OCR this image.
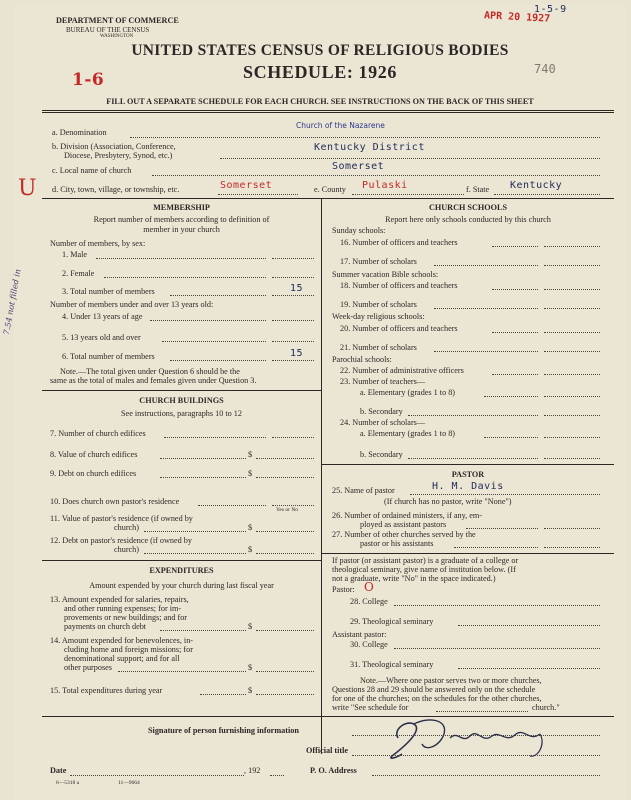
DEPARTMENT OF COMMERCE
BUREAU OF THE CENSUS
WASHINGTON
UNITED STATES CENSUS OF RELIGIOUS BODIES
SCHEDULE: 1926
1-6
740
APR 20 1927
1-5-9
FILL OUT A SEPARATE SCHEDULE FOR EACH CHURCH. SEE INSTRUCTIONS ON THE BACK OF THIS SHEET
a. Denomination
Church of the Nazarene
b. Division (Association, Conference,
Diocese, Presbytery, Synod, etc.)
Kentucky District
c. Local name of church	Somerset
U d. City, town, village, or township, etc.	Somerset	e. County Pulaski	f. State Kentucky
MEMBERSHIP
Report number of members according to definition of
member in your church
Number of members, by sex:
1. Male
2. Female
3. Total number of members	15
Number of members under and over 13 years old:
4. Under 13 years of age
5. 13 years old and over
6. Total number of members	15
Note.—The total given under Question 6 should be the
same as the total of males and females given under Question 3.
7.54 not filled in
CHURCH BUILDINGS
See instructions, paragraphs 10 to 12
7. Number of church edifices
8. Value of church edifices	$
9. Debt on church edifices	$
10. Does church own pastor's residence
Yes or No
11. Value of pastor's residence (if owned by
church)	$
12. Debt on pastor's residence (if owned by
church)	$
EXPENDITURES
Amount expended by your church during last fiscal year
13. Amount expended for salaries, repairs,
and other running expenses; for im-
provements or new buildings; and for
payments on church debt	$
14. Amount expended for benevolences, in-
cluding home and foreign missions; for
denominational support; and for all
other purposes	$
15. Total expenditures during year	$
CHURCH SCHOOLS
Report here only schools conducted by this church
Sunday schools:
16. Number of officers and teachers
17. Number of scholars
Summer vacation Bible schools:
18. Number of officers and teachers
19. Number of scholars
Week-day religious schools:
20. Number of officers and teachers
21. Number of scholars
Parochial schools:
22. Number of administrative officers
23. Number of teachers—
a. Elementary (grades 1 to 8)
b. Secondary
24. Number of scholars—
a. Elementary (grades 1 to 8)
b. Secondary
PASTOR
25. Name of pastor	H. M. Davis
(If church has no pastor, write "None")
26. Number of ordained ministers, if any, em-
ployed as assistant pastors
27. Number of other churches served by the
pastor or his assistants
If pastor (or assistant pastor) is a graduate of a college or
theological seminary, give name of institution below. (If
not a graduate, write "No" in the space indicated.)
Pastor: O
28. College
29. Theological seminary
Assistant pastor:
30. College
31. Theological seminary
Note.—Where one pastor serves two or more churches,
Questions 28 and 29 should be answered only on the schedule
for one of the churches; on the schedules for the other churches,
write "See schedule for	church."
Signature of person furnishing information
Official title
Date	, 192	P. O. Address
6—5318 a	11—9664
